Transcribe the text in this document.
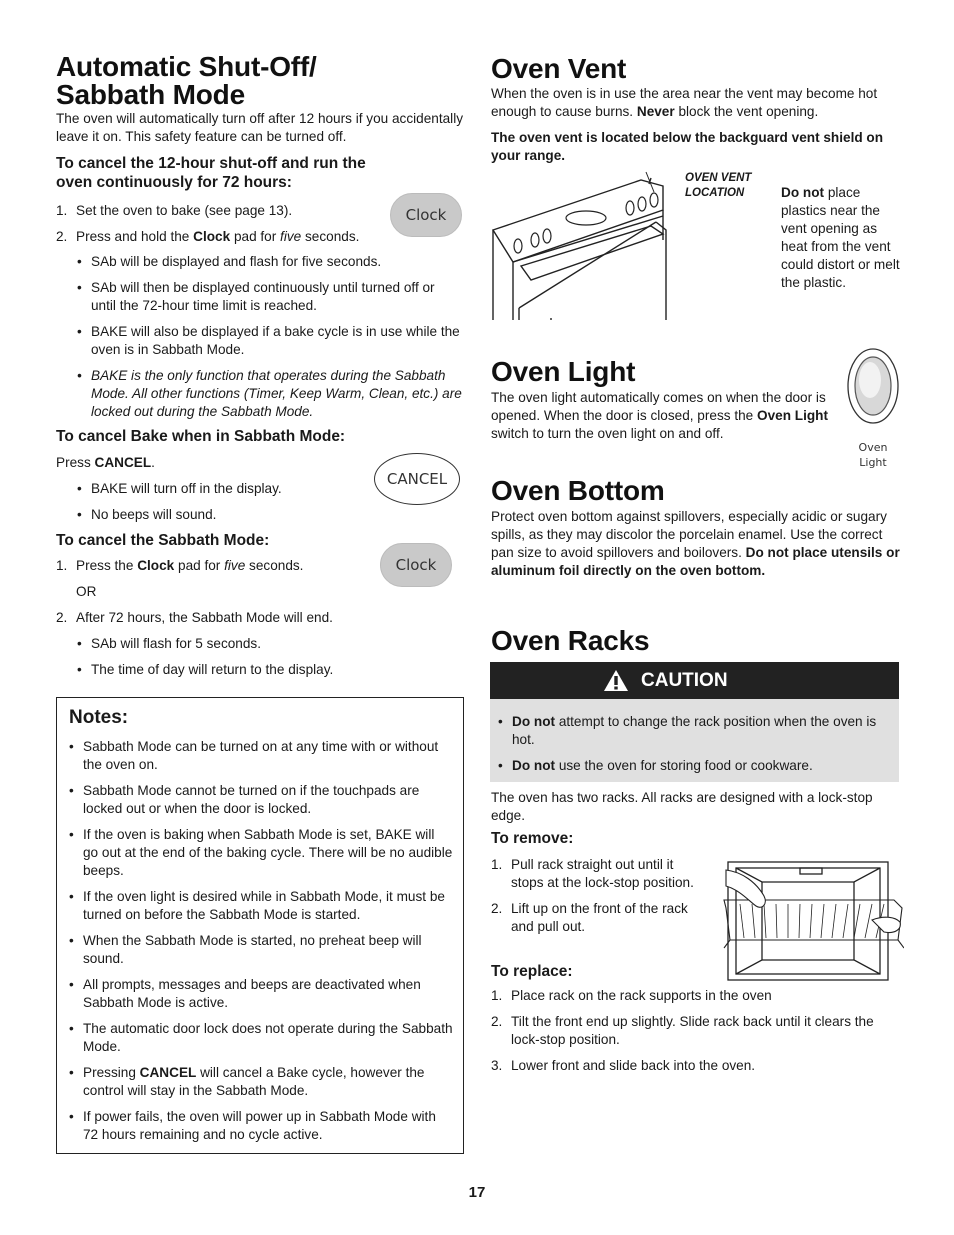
Automatic Shut-Off/
Sabbath Mode

The oven will automatically turn off after 12 hours if you accidentally leave it on. This safety feature can be turned off.

To cancel the 12-hour shut-off and run the
oven continuously for 72 hours:

Clock
1. Set the oven to bake (see page 13).
2. Press and hold the Clock pad for five seconds.
• SAb will be displayed and flash for five seconds.
• SAb will then be displayed continuously until turned off or until the 72-hour time limit is reached.
• BAKE will also be displayed if a bake cycle is in use while the oven is in Sabbath Mode.
• BAKE is the only function that operates during the Sabbath Mode. All other functions (Timer, Keep Warm, Clean, etc.) are locked out during the Sabbath Mode.

To cancel Bake when in Sabbath Mode:

Press CANCEL.

CANCEL
• BAKE will turn off in the display.
• No beeps will sound.

To cancel the Sabbath Mode:

Clock
1. Press the Clock pad for five seconds.
OR
2. After 72 hours, the Sabbath Mode will end.
• SAb will flash for 5 seconds.
• The time of day will return to the display.

Notes:

• Sabbath Mode can be turned on at any time with or without the oven on.
• Sabbath Mode cannot be turned on if the touchpads are locked out or when the door is locked.
• If the oven is baking when Sabbath Mode is set, BAKE will go out at the end of the baking cycle. There will be no audible beeps.
• If the oven light is desired while in Sabbath Mode, it must be turned on before the Sabbath Mode is started.
• When the Sabbath Mode is started, no preheat beep will sound.
• All prompts, messages and beeps are deactivated when Sabbath Mode is active.
• The automatic door lock does not operate during the Sabbath Mode.
• Pressing CANCEL will cancel a Bake cycle, however the control will stay in the Sabbath Mode.
• If power fails, the oven will power up in Sabbath Mode with 72 hours remaining and no cycle active.
Oven Vent

When the oven is in use the area near the vent may become hot enough to cause burns. Never block the vent opening.

The oven vent is located below the backguard vent shield on your range.

OVEN VENT
LOCATION	Do not place plastics near the vent opening as heat from the vent could distort or melt the plastic.

Oven Light

The oven light automatically comes on when the door is opened. When the door is closed, press the Oven Light switch to turn the oven light on and off.

Oven
Light

Oven Bottom

Protect oven bottom against spillovers, especially acidic or sugary spills, as they may discolor the porcelain enamel. Use the correct pan size to avoid spillovers and boilovers. Do not place utensils or aluminum foil directly on the oven bottom.

Oven Racks
CAUTION
• Do not attempt to change the rack position when the oven is hot.
• Do not use the oven for storing food or cookware.

The oven has two racks. All racks are designed with a lock-stop edge.

To remove:

1. Pull rack straight out until it stops at the lock-stop position.
2. Lift up on the front of the rack and pull out.

To replace:

1. Place rack on the rack supports in the oven
2. Tilt the front end up slightly. Slide rack back until it clears the lock-stop position.
3. Lower front and slide back into the oven.

17
